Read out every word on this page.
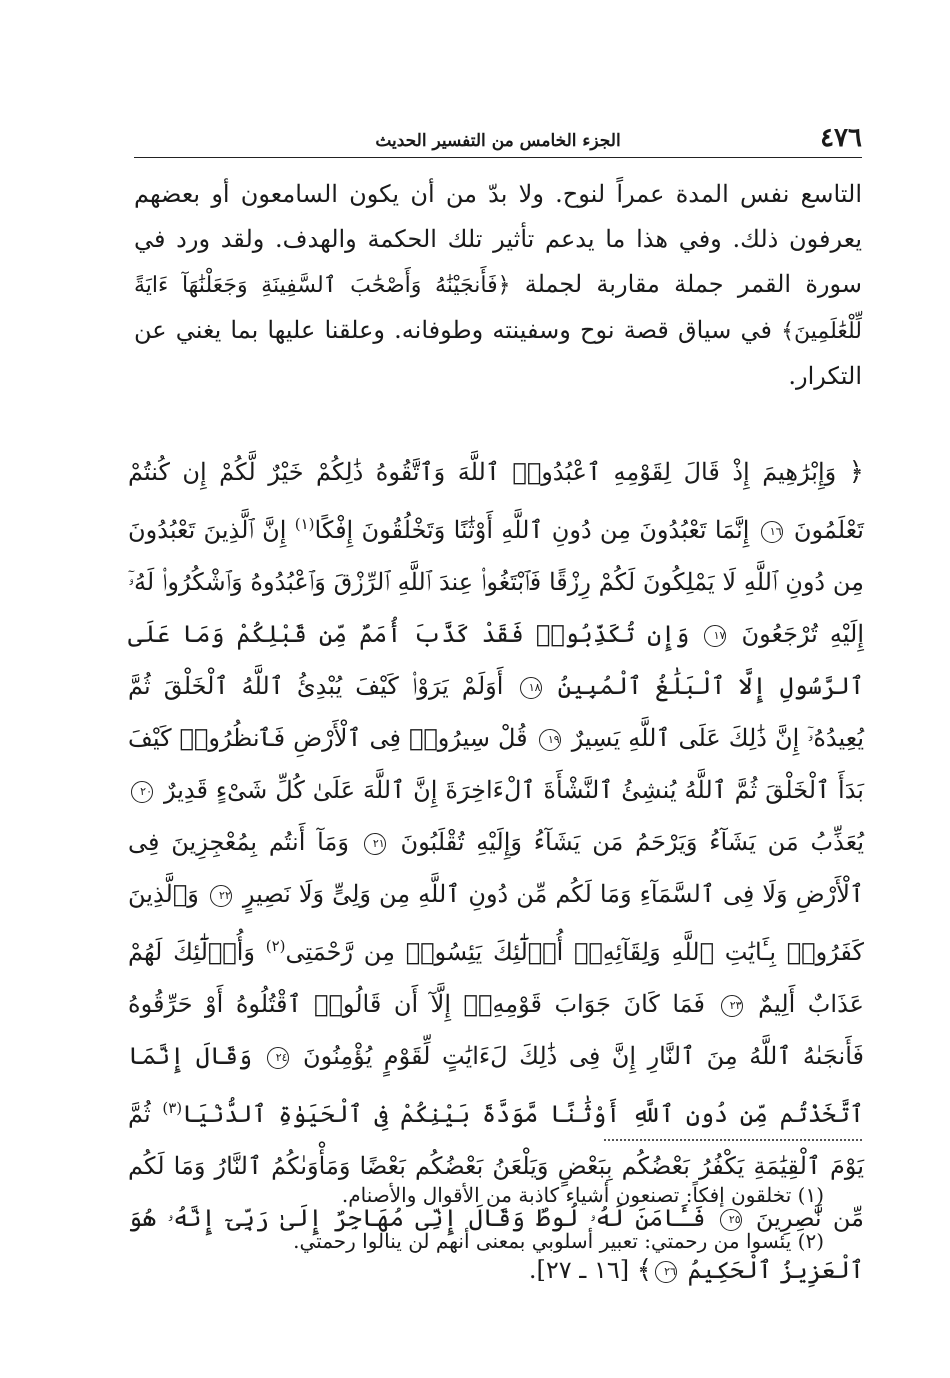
٤٧٦
الجزء الخامس من التفسير الحديث

التاسع نفس المدة عمراً لنوح. ولا بدّ من أن يكون السامعون أو بعضهم يعرفون ذلك. وفي هذا ما يدعم تأثير تلك الحكمة والهدف. ولقد ورد في سورة القمر جملة مقاربة لجملة ﴿فَأَنجَيْنَٰهُ وَأَصْحَٰبَ ٱلسَّفِينَةِ وَجَعَلْنَٰهَآ ءَايَةً لِّلْعَٰلَمِينَ﴾ في سياق قصة نوح وسفينته وطوفانه. وعلقنا عليها بما يغني عن التكرار.

﴿ وَإِبْرَٰهِيمَ إِذْ قَالَ لِقَوْمِهِ ٱعْبُدُوا۟ ٱللَّهَ وَٱتَّقُوهُ ذَٰلِكُمْ خَيْرٌ لَّكُمْ إِن كُنتُمْ تَعْلَمُونَ ١٦ إِنَّمَا تَعْبُدُونَ مِن دُونِ ٱللَّهِ أَوْثَٰنًا وَتَخْلُقُونَ إِفْكًا$^{(١)}$ إِنَّ ٱلَّذِينَ تَعْبُدُونَ مِن دُونِ ٱللَّهِ لَا يَمْلِكُونَ لَكُمْ رِزْقًا فَٱبْتَغُوا۟ عِندَ ٱللَّهِ ٱلرِّزْقَ وَٱعْبُدُوهُ وَٱشْكُرُوا۟ لَهُۥٓ إِلَيْهِ تُرْجَعُونَ ١٧ وَإِن تُكَذِّبُوا۟ فَقَدْ كَذَّبَ أُمَمٌ مِّن قَبْلِكُمْ وَمَا عَلَى ٱلرَّسُولِ إِلَّا ٱلْبَلَٰغُ ٱلْمُبِينُ ١٨ أَوَلَمْ يَرَوْا۟ كَيْفَ يُبْدِئُ ٱللَّهُ ٱلْخَلْقَ ثُمَّ يُعِيدُهُۥٓ إِنَّ ذَٰلِكَ عَلَى ٱللَّهِ يَسِيرٌ ١٩ قُلْ سِيرُوا۟ فِى ٱلْأَرْضِ فَٱنظُرُوا۟ كَيْفَ بَدَأَ ٱلْخَلْقَ ثُمَّ ٱللَّهُ يُنشِئُ ٱلنَّشْأَةَ ٱلْءَاخِرَةَ إِنَّ ٱللَّهَ عَلَىٰ كُلِّ شَىْءٍ قَدِيرٌ ٢٠ يُعَذِّبُ مَن يَشَآءُ وَيَرْحَمُ مَن يَشَآءُ وَإِلَيْهِ تُقْلَبُونَ ٢١ وَمَآ أَنتُم بِمُعْجِزِينَ فِى ٱلْأَرْضِ وَلَا فِى ٱلسَّمَآءِ وَمَا لَكُم مِّن دُونِ ٱللَّهِ مِن وَلِىٍّ وَلَا نَصِيرٍ ٢٢ وَٱلَّذِينَ كَفَرُوا۟ بِـَٔايَٰتِ ٱللَّهِ وَلِقَآئِهِۦٓ أُو۟لَٰٓئِكَ يَئِسُوا۟ مِن رَّحْمَتِى$^{(٢)}$ وَأُو۟لَٰٓئِكَ لَهُمْ عَذَابٌ أَلِيمٌ ٢٣ فَمَا كَانَ جَوَابَ قَوْمِهِۦٓ إِلَّآ أَن قَالُوا۟ ٱقْتُلُوهُ أَوْ حَرِّقُوهُ فَأَنجَىٰهُ ٱللَّهُ مِنَ ٱلنَّارِ إِنَّ فِى ذَٰلِكَ لَءَايَٰتٍ لِّقَوْمٍ يُؤْمِنُونَ ٢٤ وَقَالَ إِنَّمَا ٱتَّخَذْتُم مِّن دُونِ ٱللَّهِ أَوْثَٰنًا مَّوَدَّةَ بَيْنِكُمْ فِى ٱلْحَيَوٰةِ ٱلدُّنْيَا$^{(٣)}$ ثُمَّ يَوْمَ ٱلْقِيَٰمَةِ يَكْفُرُ بَعْضُكُم بِبَعْضٍ وَيَلْعَنُ بَعْضُكُم بَعْضًا وَمَأْوَىٰكُمُ ٱلنَّارُ وَمَا لَكُم مِّن نَّٰصِرِينَ ٢٥ فَـَٔامَنَ لَهُۥ لُوطٌ وَقَالَ إِنِّى مُهَاجِرٌ إِلَىٰ رَبِّىٓ إِنَّهُۥ هُوَ ٱلْعَزِيزُ ٱلْحَكِيمُ ٢٦﴾ [١٦ ـ ٢٧].

(١) تخلقون إفكاً: تصنعون أشياء كاذبة من الأقوال والأصنام.
(٢) يئسوا من رحمتي: تعبير أسلوبي بمعنى أنهم لن ينالوا رحمتي.
